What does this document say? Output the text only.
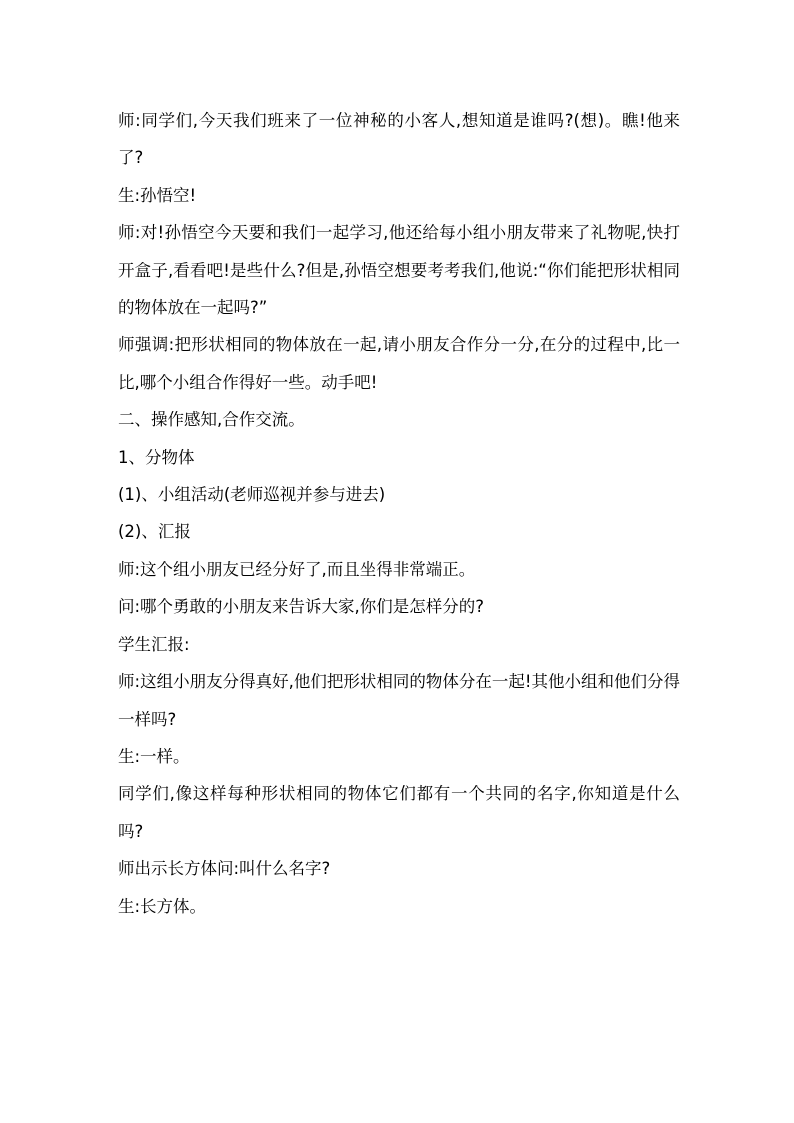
师:同学们,今天我们班来了一位神秘的小客人,想知道是谁吗?(想)。瞧!他来了?

生:孙悟空!

师:对!孙悟空今天要和我们一起学习,他还给每小组小朋友带来了礼物呢,快打开盒子,看看吧!是些什么?但是,孙悟空想要考考我们,他说:“你们能把形状相同的物体放在一起吗?”

师强调:把形状相同的物体放在一起,请小朋友合作分一分,在分的过程中,比一比,哪个小组合作得好一些。动手吧!

二、操作感知,合作交流。

1、分物体

(1)、小组活动(老师巡视并参与进去)

(2)、汇报

师:这个组小朋友已经分好了,而且坐得非常端正。

问:哪个勇敢的小朋友来告诉大家,你们是怎样分的?

学生汇报:

师:这组小朋友分得真好,他们把形状相同的物体分在一起!其他小组和他们分得一样吗?

生:一样。

同学们,像这样每种形状相同的物体它们都有一个共同的名字,你知道是什么吗?

师出示长方体问:叫什么名字?

生:长方体。
